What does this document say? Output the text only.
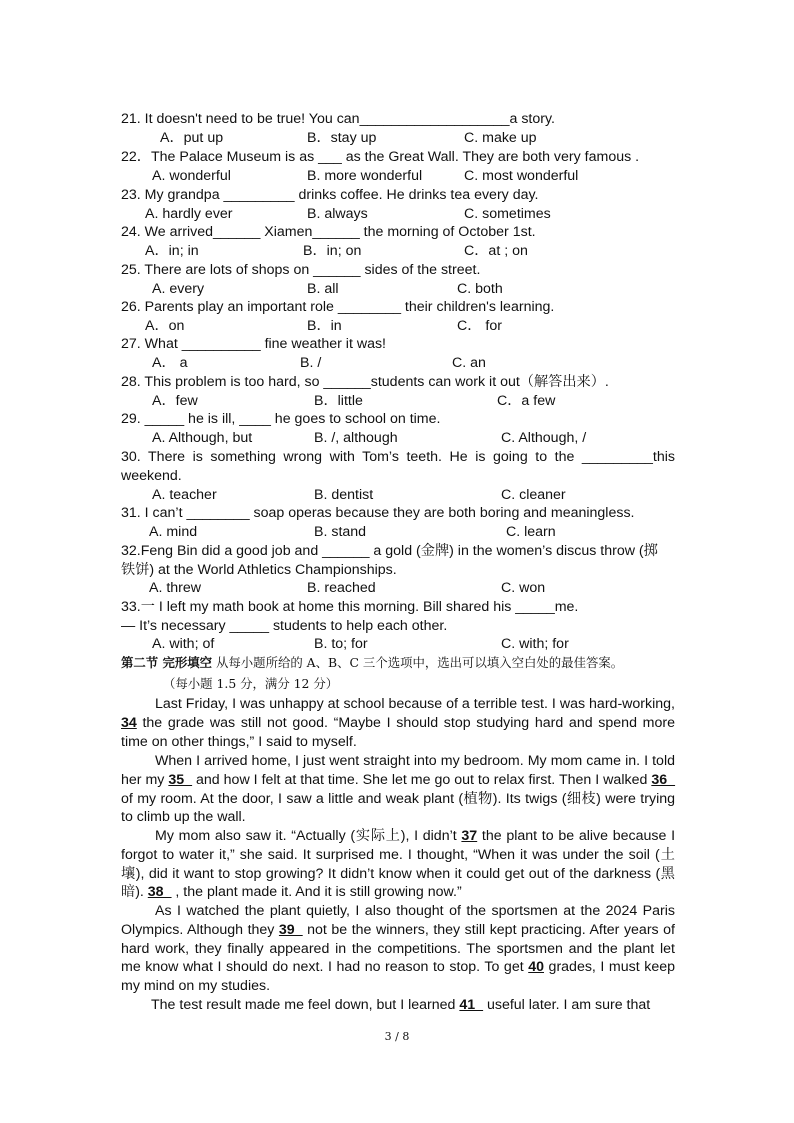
21. It doesn't need to be true! You can___________________a story.
A．put up	B．stay up	C. make up
22．The Palace Museum is as ___ as the Great Wall. They are both very famous .
A. wonderful	B. more wonderful	C. most wonderful
23. My grandpa _________ drinks coffee. He drinks tea every day.
A. hardly ever	B. always	C. sometimes
24. We arrived______ Xiamen______ the morning of October 1st.
A．in; in	B．in; on	C．at ; on
25. There are lots of shops on ______ sides of the street.
A. every	B. all	C. both
26. Parents play an important role ________ their children's learning.
A．on	B．in	C． for
27. What __________ fine weather it was!
A． a	B. /	C. an
28. This problem is too hard, so ______students can work it out（解答出来）.
A．few	B．little	C．a few
29. _____ he is ill, ____ he goes to school on time.
A. Although, but	B. /, although	C. Although, /
30. There is something wrong with Tom’s teeth. He is going to the _________this
weekend.
A. teacher	B. dentist	C. cleaner
31. I can’t ________ soap operas because they are both boring and meaningless.
A. mind	B. stand	C. learn
32.Feng Bin did a good job and ______ a gold (金牌) in the women’s discus throw (掷
铁饼) at the World Athletics Championships.
A. threw	B. reached	C. won
33.一 I left my math book at home this morning. Bill shared his _____me.
— It’s necessary _____ students to help each other.
A. with; of	B. to; for	C. with; for
第二节 完形填空 从每小题所给的 A、B、C 三个选项中，选出可以填入空白处的最佳答案。
（每小题 1.5 分，满分 12 分）
Last Friday, I was unhappy at school because of a terrible test. I was hard-working, 34 the grade was still not good. “Maybe I should stop studying hard and spend more time on other things,” I said to myself.
When I arrived home, I just went straight into my bedroom. My mom came in. I told her my 35_ and how I felt at that time. She let me go out to relax first. Then I walked 36_ of my room. At the door, I saw a little and weak plant (植物). Its twigs (细枝) were trying to climb up the wall.
My mom also saw it. “Actually (实际上), I didn’t 37 the plant to be alive because I forgot to water it,” she said. It surprised me. I thought, “When it was under the soil (土壤), did it want to stop growing? It didn’t know when it could get out of the darkness (黑暗). 38_ , the plant made it. And it is still growing now.”
As I watched the plant quietly, I also thought of the sportsmen at the 2024 Paris Olympics. Although they 39_ not be the winners, they still kept practicing. After years of hard work, they finally appeared in the competitions. The sportsmen and the plant let me know what I should do next. I had no reason to stop. To get 40 grades, I must keep my mind on my studies.
The test result made me feel down, but I learned 41_ useful later. I am sure that
3 / 8
